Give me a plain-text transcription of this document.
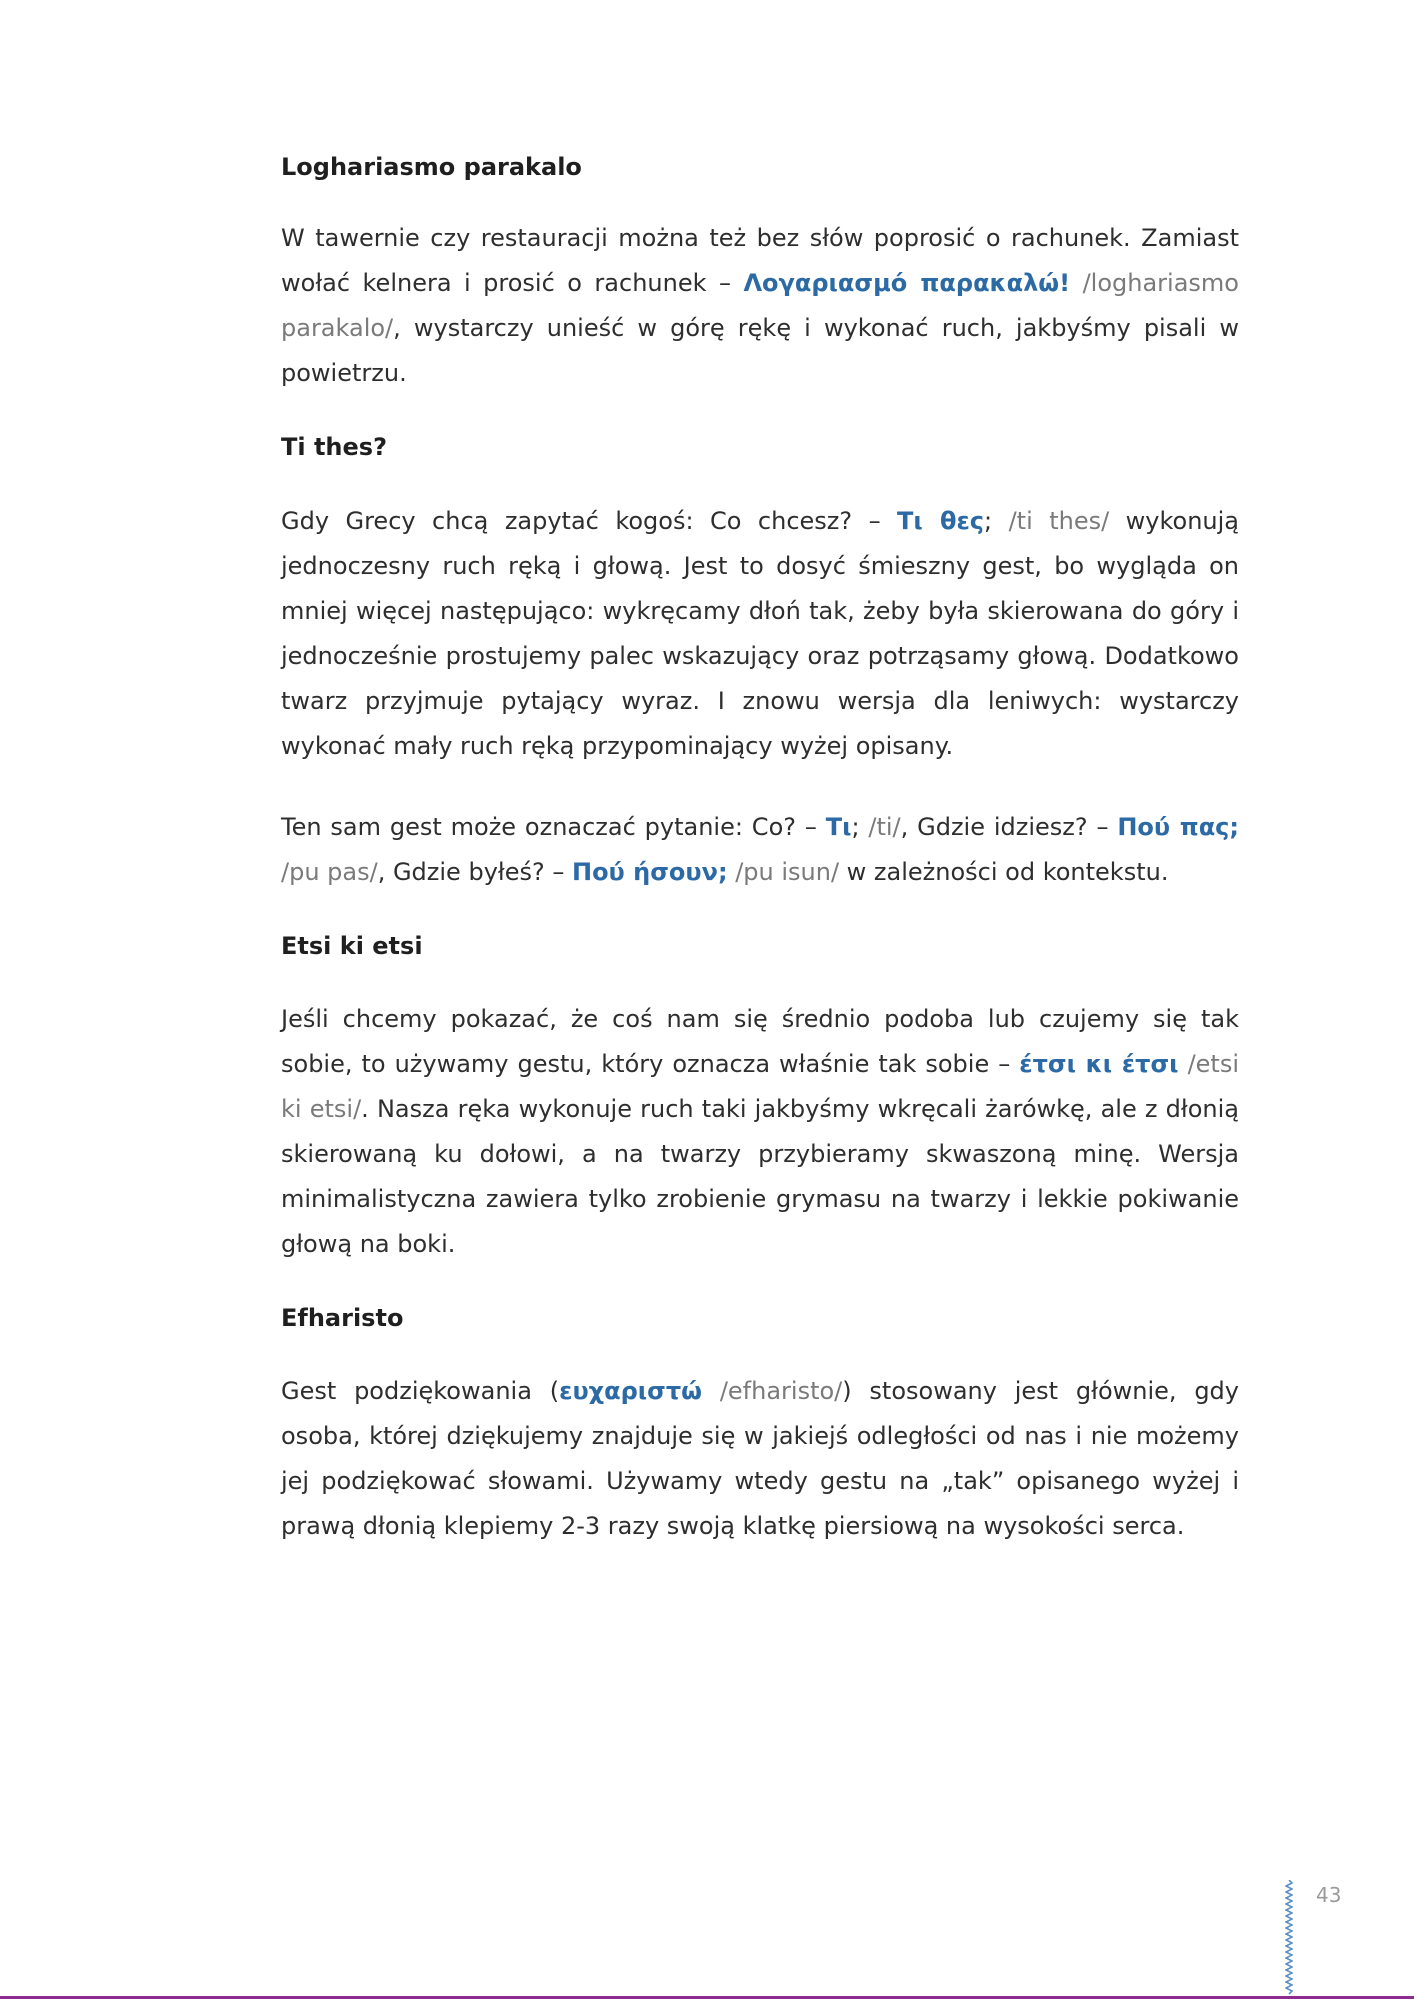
Loghariasmo parakalo

W tawernie czy restauracji można też bez słów poprosić o rachunek. Zamiast wołać kelnera i prosić o rachunek – Λογαριασμό παρακαλώ! /loghariasmo parakalo/, wystarczy unieść w górę rękę i wykonać ruch, jakbyśmy pisali w powietrzu.

Ti thes?

Gdy Grecy chcą zapytać kogoś: Co chcesz? – Τι θες; /ti thes/ wykonują jednoczesny ruch ręką i głową. Jest to dosyć śmieszny gest, bo wygląda on mniej więcej następująco: wykręcamy dłoń tak, żeby była skierowana do góry i jednocześnie prostujemy palec wskazujący oraz potrząsamy głową. Dodatkowo twarz przyjmuje pytający wyraz. I znowu wersja dla leniwych: wystarczy wykonać mały ruch ręką przypominający wyżej opisany.

Ten sam gest może oznaczać pytanie: Co? – Τι; /ti/, Gdzie idziesz? – Πού πας; /pu pas/, Gdzie byłeś? – Πού ήσουν; /pu isun/ w zależności od kontekstu.

Etsi ki etsi

Jeśli chcemy pokazać, że coś nam się średnio podoba lub czujemy się tak sobie, to używamy gestu, który oznacza właśnie tak sobie – έτσι κι έτσι /etsi ki etsi/. Nasza ręka wykonuje ruch taki jakbyśmy wkręcali żarówkę, ale z dłonią skierowaną ku dołowi, a na twarzy przybieramy skwaszoną minę. Wersja minimalistyczna zawiera tylko zrobienie grymasu na twarzy i lekkie pokiwanie głową na boki.

Efharisto

Gest podziękowania (ευχαριστώ /efharisto/) stosowany jest głównie, gdy osoba, której dziękujemy znajduje się w jakiejś odległości od nas i nie możemy jej podziękować słowami. Używamy wtedy gestu na „tak” opisanego wyżej i prawą dłonią klepiemy 2-3 razy swoją klatkę piersiową na wysokości serca.

43
